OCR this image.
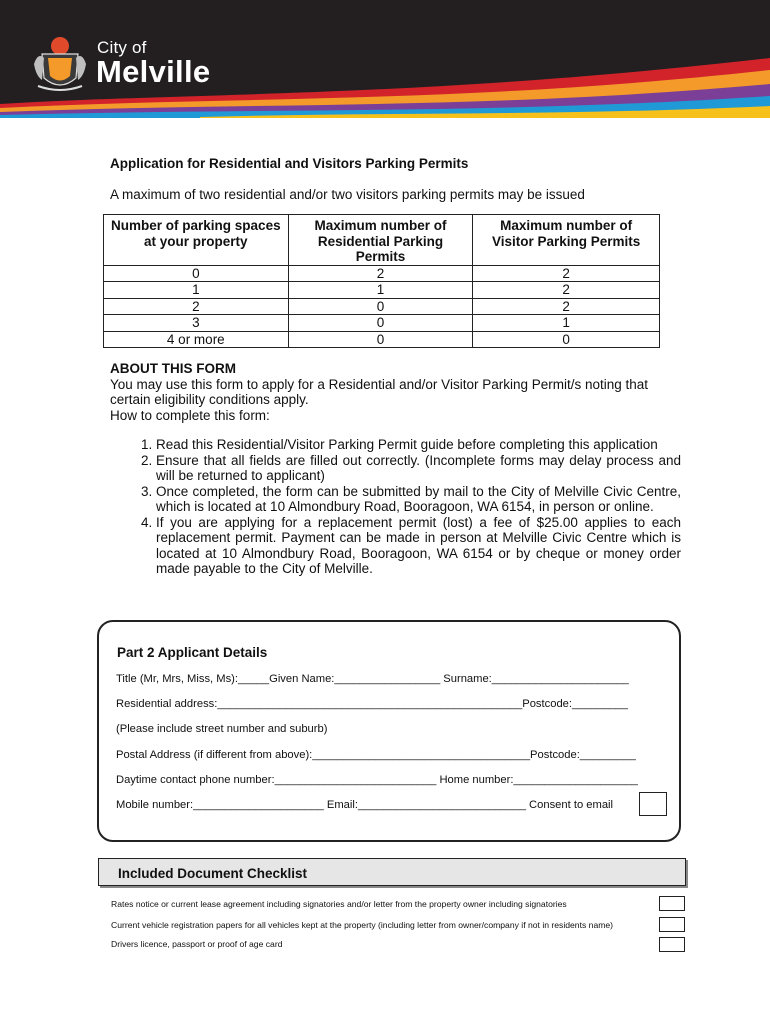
City of
Melville
Application for Residential and Visitors Parking Permits
A maximum of two residential and/or two visitors parking permits may be issued
Number of parking spaces at your property	Maximum number of Residential Parking Permits	Maximum number of Visitor Parking Permits
0	2	2
1	1	2
2	0	2
3	0	1
4 or more	0	0
ABOUT THIS FORM
You may use this form to apply for a Residential and/or Visitor Parking Permit/s noting that certain eligibility conditions apply.
How to complete this form:
1. Read this Residential/Visitor Parking Permit guide before completing this application
2. Ensure that all fields are filled out correctly. (Incomplete forms may delay process and will be returned to applicant)
3. Once completed, the form can be submitted by mail to the City of Melville Civic Centre, which is located at 10 Almondbury Road, Booragoon, WA 6154, in person or online.
4. If you are applying for a replacement permit (lost) a fee of $25.00 applies to each replacement permit. Payment can be made in person at Melville Civic Centre which is located at 10 Almondbury Road, Booragoon, WA 6154 or by cheque or money order made payable to the City of Melville.
Part 2 Applicant Details
Title (Mr, Mrs, Miss, Ms):_____Given Name:_________________ Surname:______________________
Residential address:_________________________________________________Postcode:_________
(Please include street number and suburb)
Postal Address (if different from above):___________________________________Postcode:_________
Daytime contact phone number:__________________________ Home number:____________________
Mobile number:_____________________ Email:___________________________ Consent to email
Included Document Checklist
Rates notice or current lease agreement including signatories and/or letter from the property owner including signatories
Current vehicle registration papers for all vehicles kept at the property (including letter from owner/company if not in residents name)
Drivers licence, passport or proof of age card
